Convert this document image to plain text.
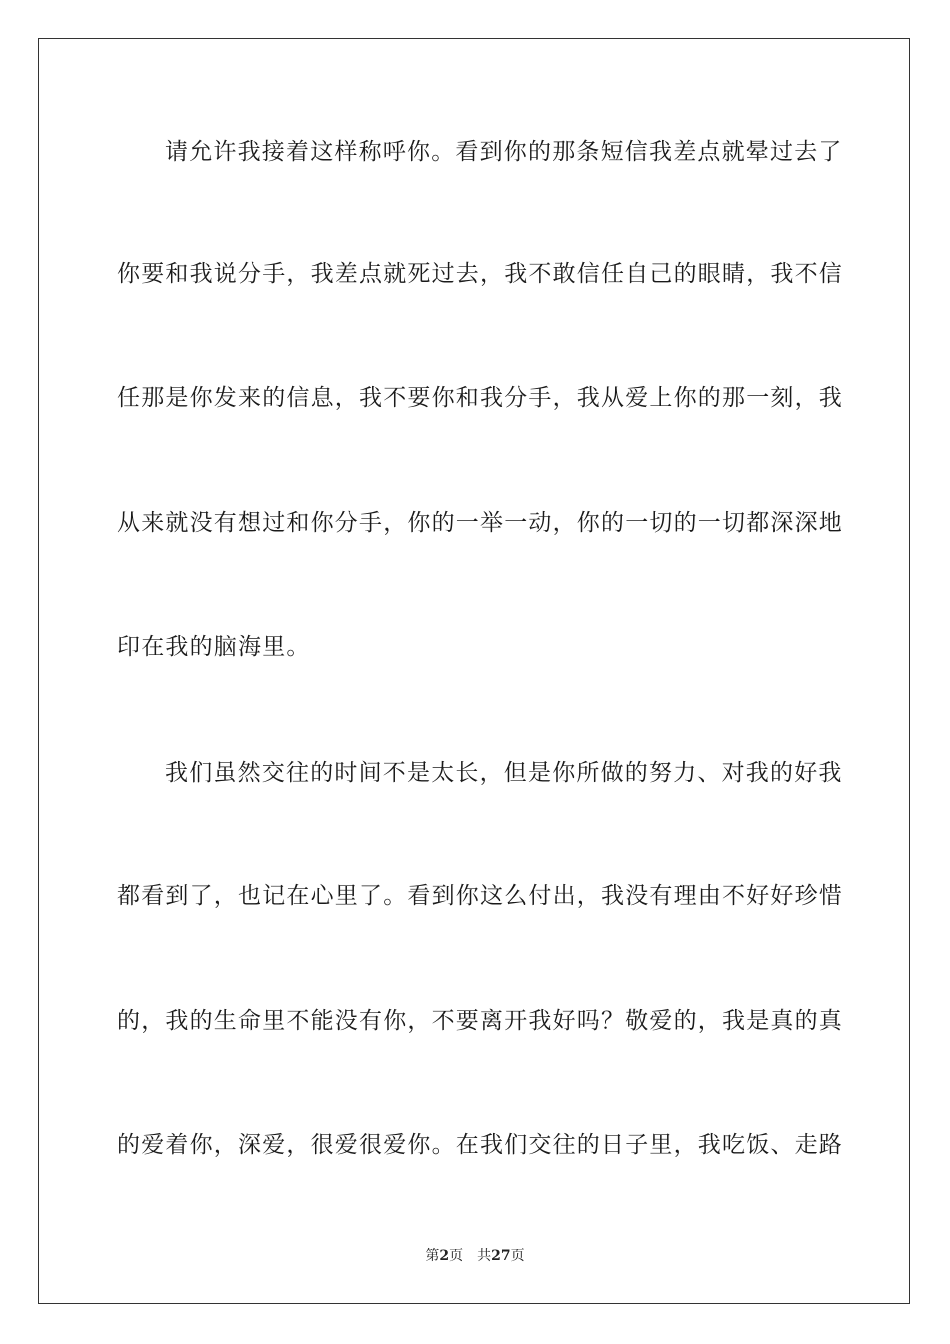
请允许我接着这样称呼你。看到你的那条短信我差点就晕过去了
你要和我说分手，我差点就死过去，我不敢信任自己的眼睛，我不信
任那是你发来的信息，我不要你和我分手，我从爱上你的那一刻，我
从来就没有想过和你分手，你的一举一动，你的一切的一切都深深地
印在我的脑海里。
我们虽然交往的时间不是太长，但是你所做的努力、对我的好我
都看到了，也记在心里了。看到你这么付出，我没有理由不好好珍惜
的，我的生命里不能没有你，不要离开我好吗？敬爱的，我是真的真
的爱着你，深爱，很爱很爱你。在我们交往的日子里，我吃饭、走路
第2页 共27页
